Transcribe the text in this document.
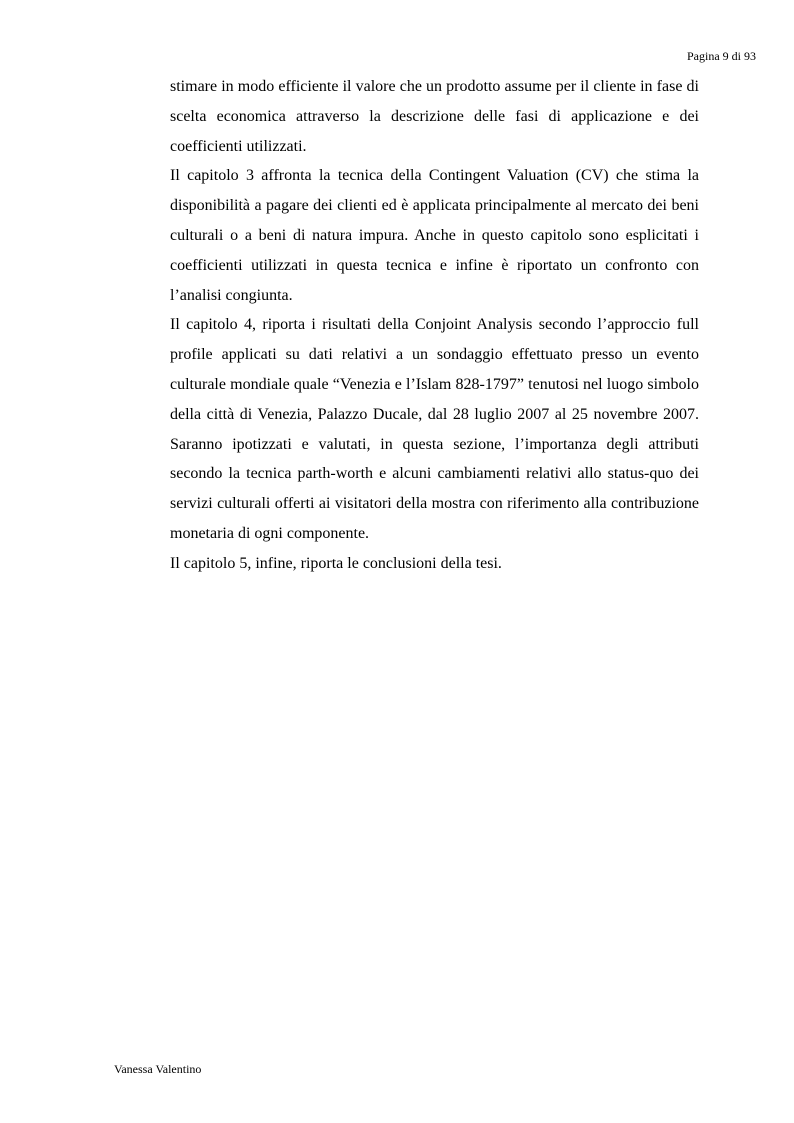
Pagina 9 di 93

stimare in modo efficiente il valore che un prodotto assume per il cliente in fase di scelta economica attraverso la descrizione delle fasi di applicazione e dei coefficienti utilizzati.

Il capitolo 3 affronta la tecnica della Contingent Valuation (CV) che stima la disponibilità a pagare dei clienti ed è applicata principalmente al mercato dei beni culturali o a beni di natura impura. Anche in questo capitolo sono esplicitati i coefficienti utilizzati in questa tecnica e infine è riportato un confronto con l’analisi congiunta.

Il capitolo 4, riporta i risultati della Conjoint Analysis secondo l’approccio full profile applicati su dati relativi a un sondaggio effettuato presso un evento culturale mondiale quale “Venezia e l’Islam 828-1797” tenutosi nel luogo simbolo della città di Venezia, Palazzo Ducale, dal 28 luglio 2007 al 25 novembre 2007. Saranno ipotizzati e valutati, in questa sezione, l’importanza degli attributi secondo la tecnica parth-worth e alcuni cambiamenti relativi allo status-quo dei servizi culturali offerti ai visitatori della mostra con riferimento alla contribuzione monetaria di ogni componente.

Il capitolo 5, infine, riporta le conclusioni della tesi.

Vanessa Valentino
